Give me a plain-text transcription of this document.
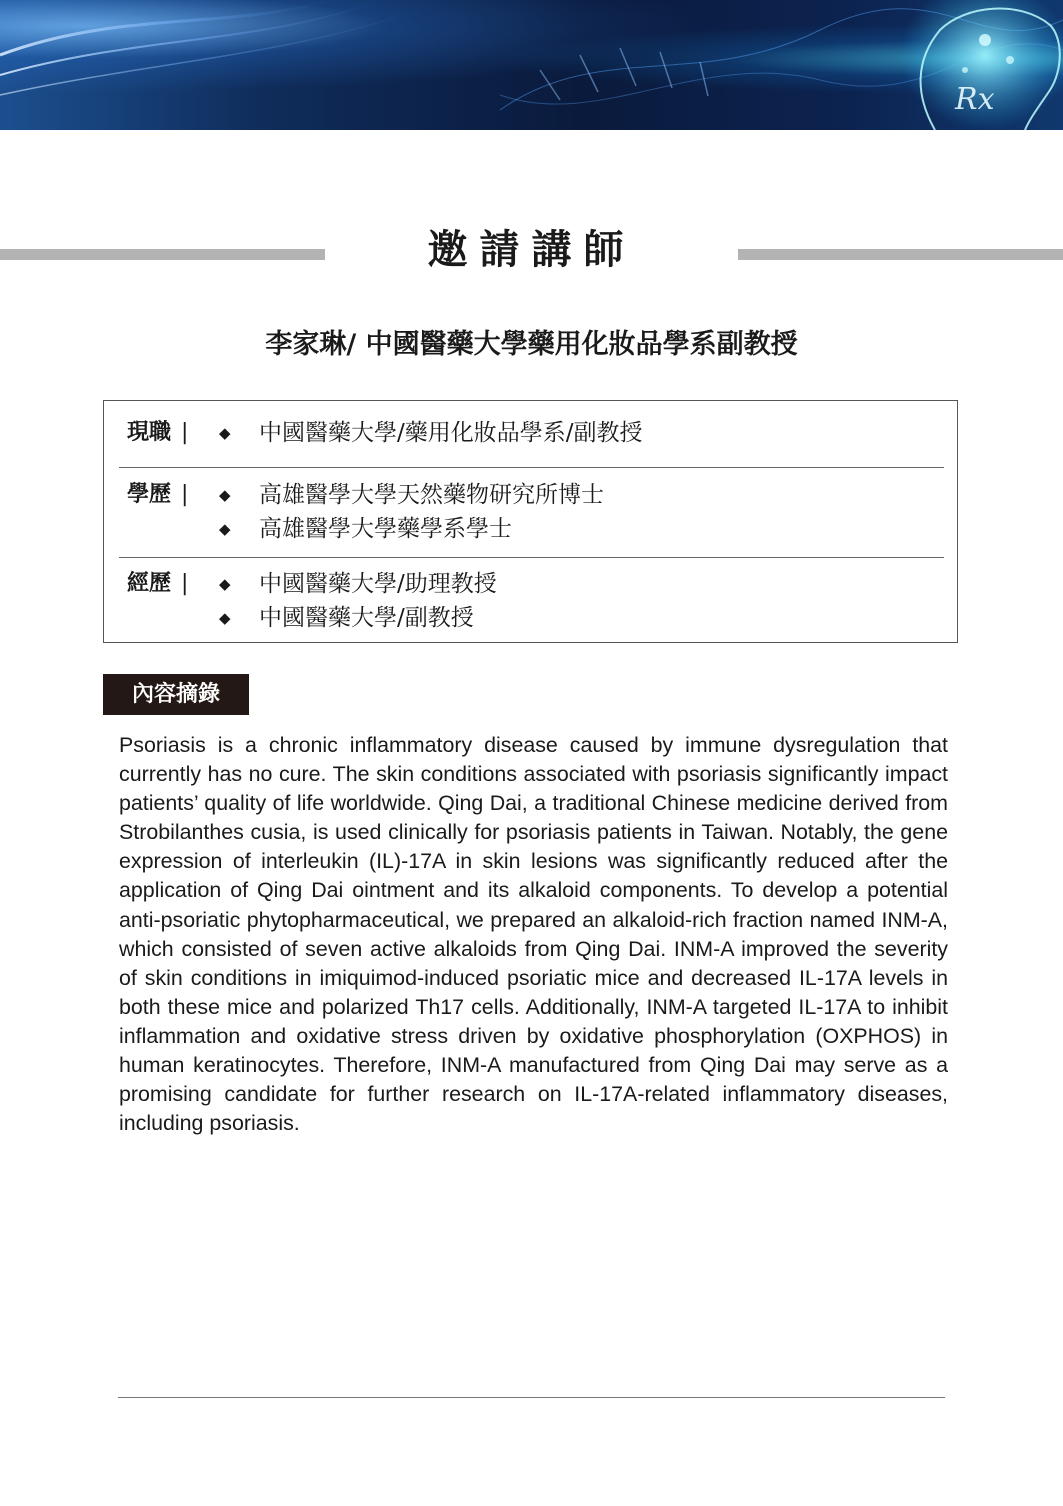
Rx
邀請講師
李家琳/ 中國醫藥大學藥用化妝品學系副教授
現職 | ◆ 中國醫藥大學/藥用化妝品學系/副教授
學歷 | ◆ 高雄醫學大學天然藥物研究所博士
◆ 高雄醫學大學藥學系學士
經歷 | ◆ 中國醫藥大學/助理教授
◆ 中國醫藥大學/副教授
內容摘錄

Psoriasis is a chronic inflammatory disease caused by immune dysregulation that currently has no cure. The skin conditions associated with psoriasis significantly impact patients’ quality of life worldwide. Qing Dai, a traditional Chinese medicine derived from Strobilanthes cusia, is used clinically for psoriasis patients in Taiwan. Notably, the gene expression of interleukin (IL)-17A in skin lesions was significantly reduced after the application of Qing Dai ointment and its alkaloid components. To develop a potential anti-psoriatic phytopharmaceutical, we prepared an alkaloid-rich fraction named INM-A, which consisted of seven active alkaloids from Qing Dai. INM-A improved the severity of skin conditions in imiquimod-induced psoriatic mice and decreased IL-17A levels in both these mice and polarized Th17 cells. Additionally, INM-A targeted IL-17A to inhibit inflammation and oxidative stress driven by oxidative phosphorylation (OXPHOS) in human keratinocytes. Therefore, INM-A manufactured from Qing Dai may serve as a promising candidate for further research on IL-17A-related inflammatory diseases, including psoriasis.
